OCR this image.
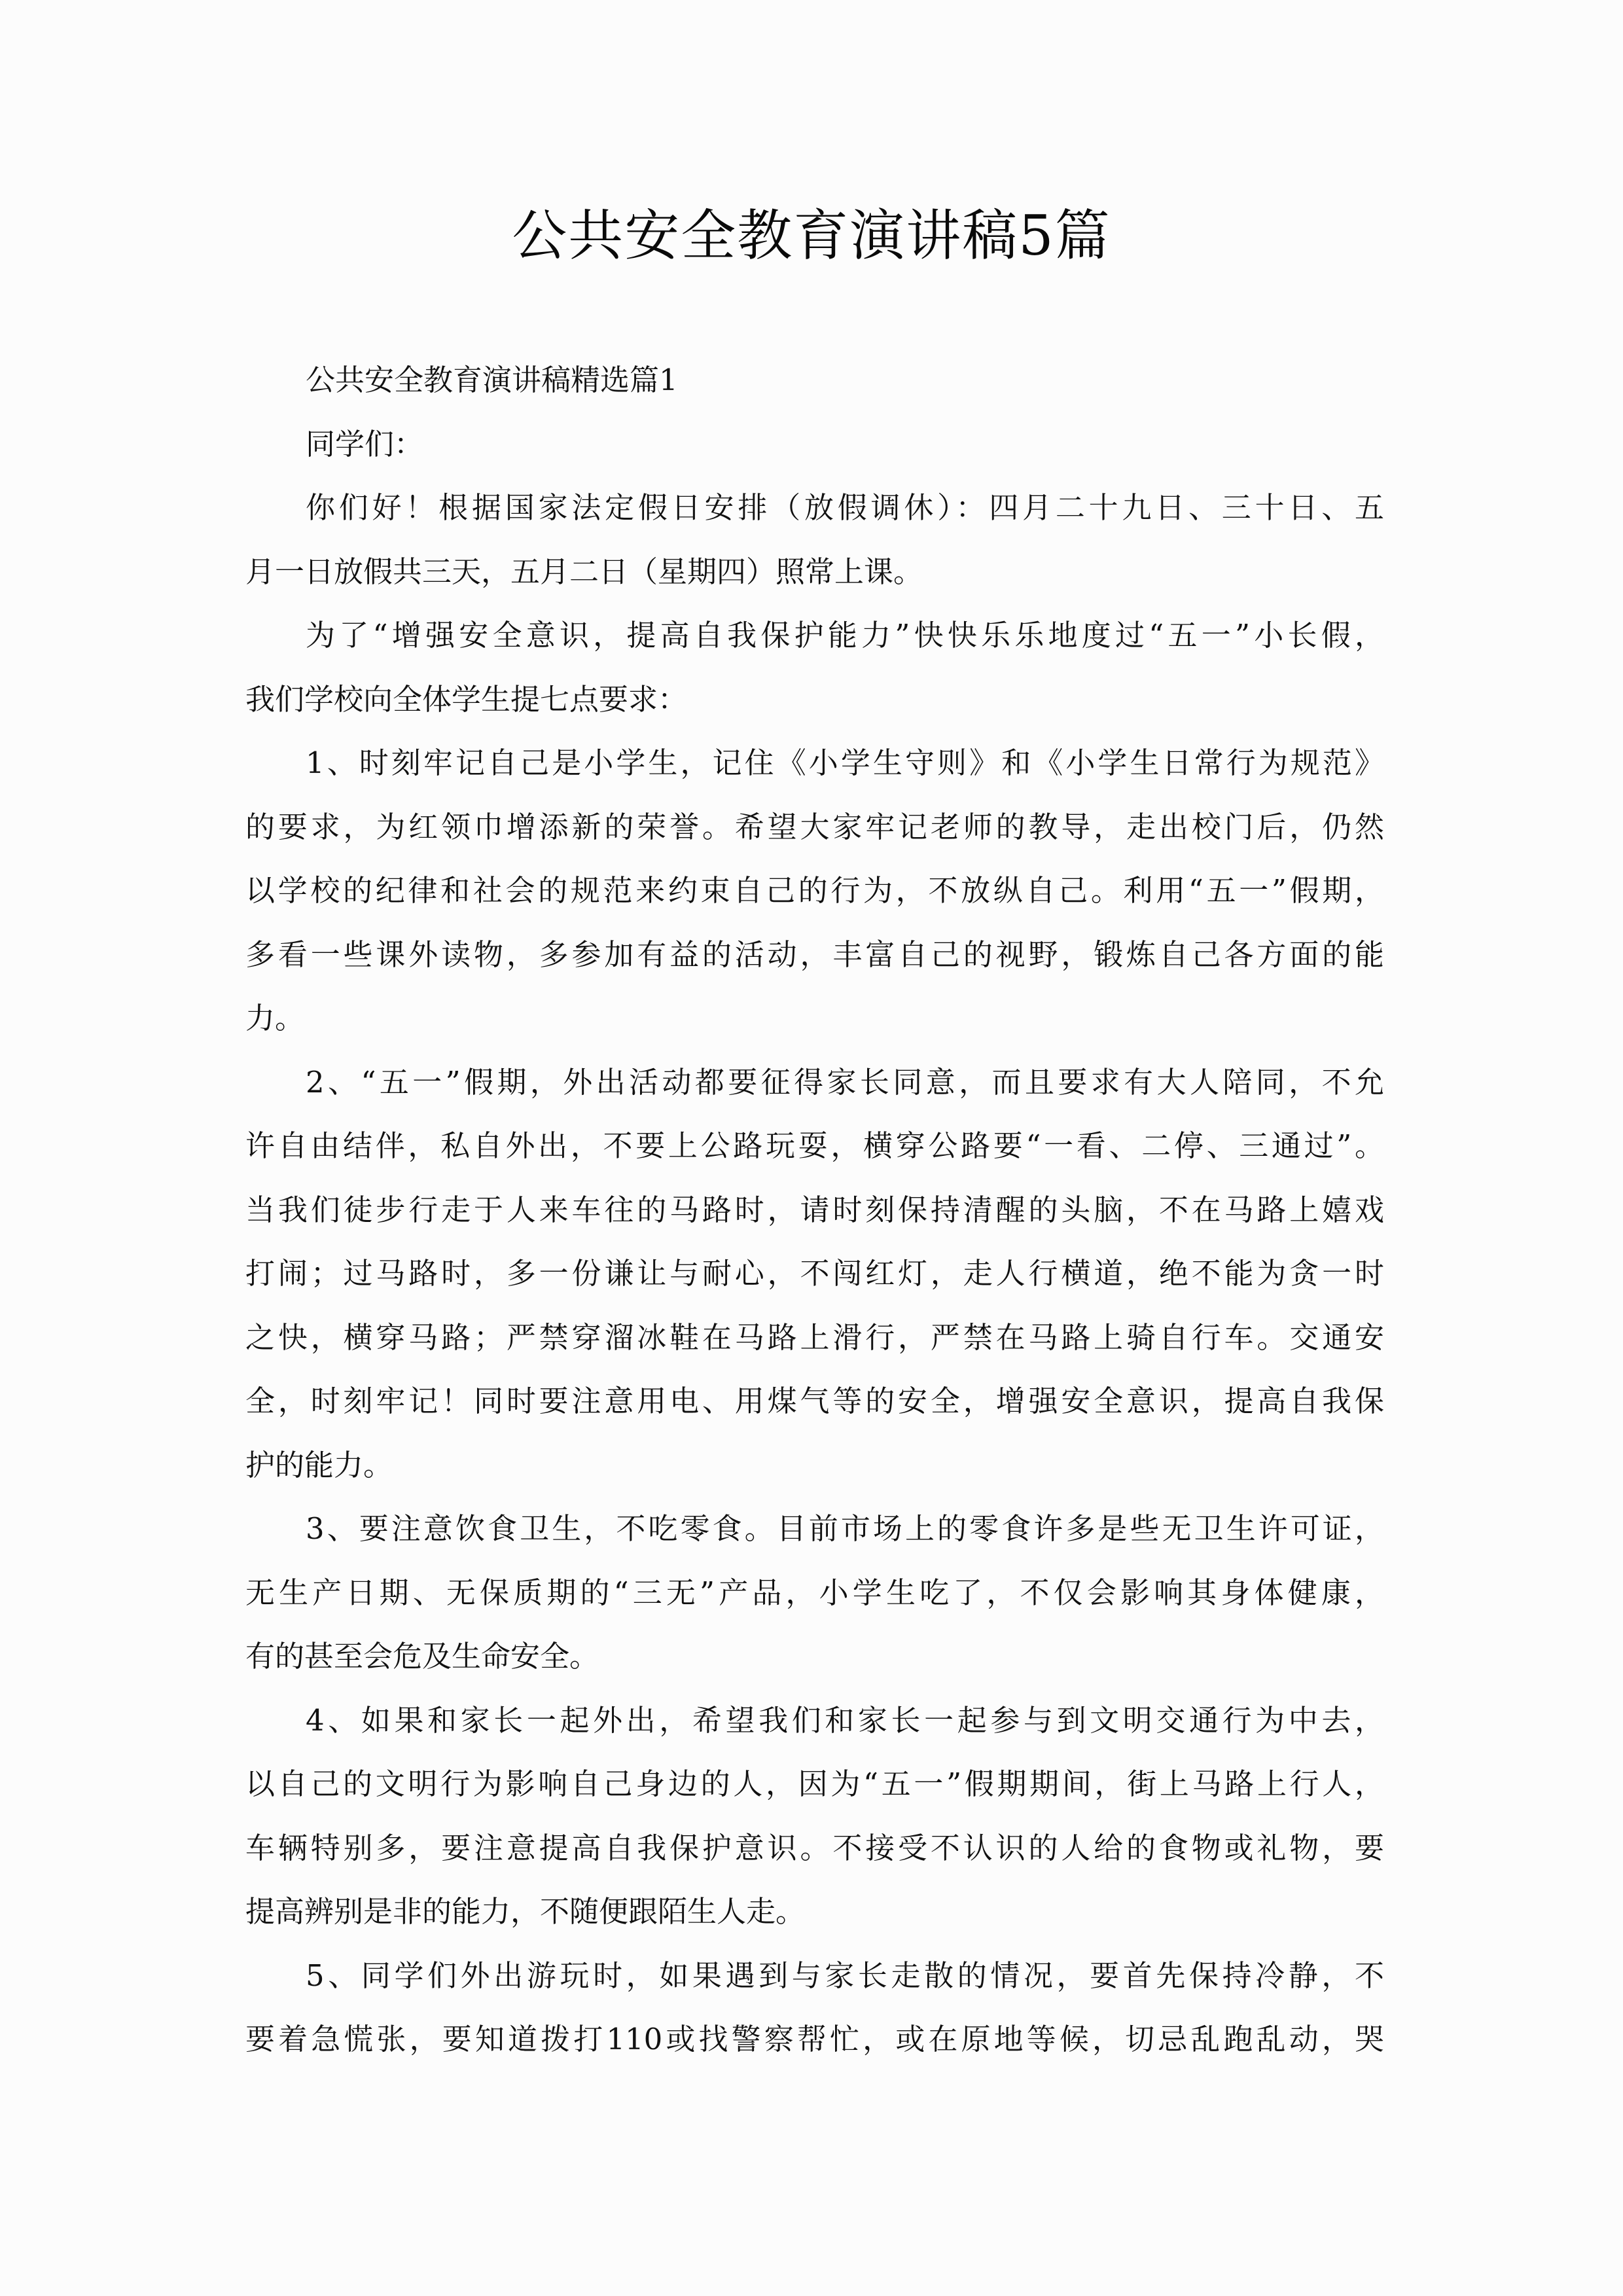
公共安全教育演讲稿5篇

公共安全教育演讲稿精选篇1

同学们：

你们好！根据国家法定假日安排（放假调休）：四月二十九日、三十日、五
月一日放假共三天，五月二日（星期四）照常上课。

为了“增强安全意识，提高自我保护能力”快快乐乐地度过“五一”小长假，
我们学校向全体学生提七点要求：

1、时刻牢记自己是小学生，记住《小学生守则》和《小学生日常行为规范》
的要求，为红领巾增添新的荣誉。希望大家牢记老师的教导，走出校门后，仍然
以学校的纪律和社会的规范来约束自己的行为，不放纵自己。利用“五一”假期，
多看一些课外读物，多参加有益的活动，丰富自己的视野，锻炼自己各方面的能
力。

2、“五一”假期，外出活动都要征得家长同意，而且要求有大人陪同，不允
许自由结伴，私自外出，不要上公路玩耍，横穿公路要“一看、二停、三通过”。
当我们徒步行走于人来车往的马路时，请时刻保持清醒的头脑，不在马路上嬉戏
打闹；过马路时，多一份谦让与耐心，不闯红灯，走人行横道，绝不能为贪一时
之快，横穿马路；严禁穿溜冰鞋在马路上滑行，严禁在马路上骑自行车。交通安
全，时刻牢记！同时要注意用电、用煤气等的安全，增强安全意识，提高自我保
护的能力。

3、要注意饮食卫生，不吃零食。目前市场上的零食许多是些无卫生许可证，
无生产日期、无保质期的“三无”产品，小学生吃了，不仅会影响其身体健康，
有的甚至会危及生命安全。

4、如果和家长一起外出，希望我们和家长一起参与到文明交通行为中去，
以自己的文明行为影响自己身边的人，因为“五一”假期期间，街上马路上行人，
车辆特别多，要注意提高自我保护意识。不接受不认识的人给的食物或礼物，要
提高辨别是非的能力，不随便跟陌生人走。

5、同学们外出游玩时，如果遇到与家长走散的情况，要首先保持冷静，不
要着急慌张，要知道拨打110或找警察帮忙，或在原地等候，切忌乱跑乱动，哭
